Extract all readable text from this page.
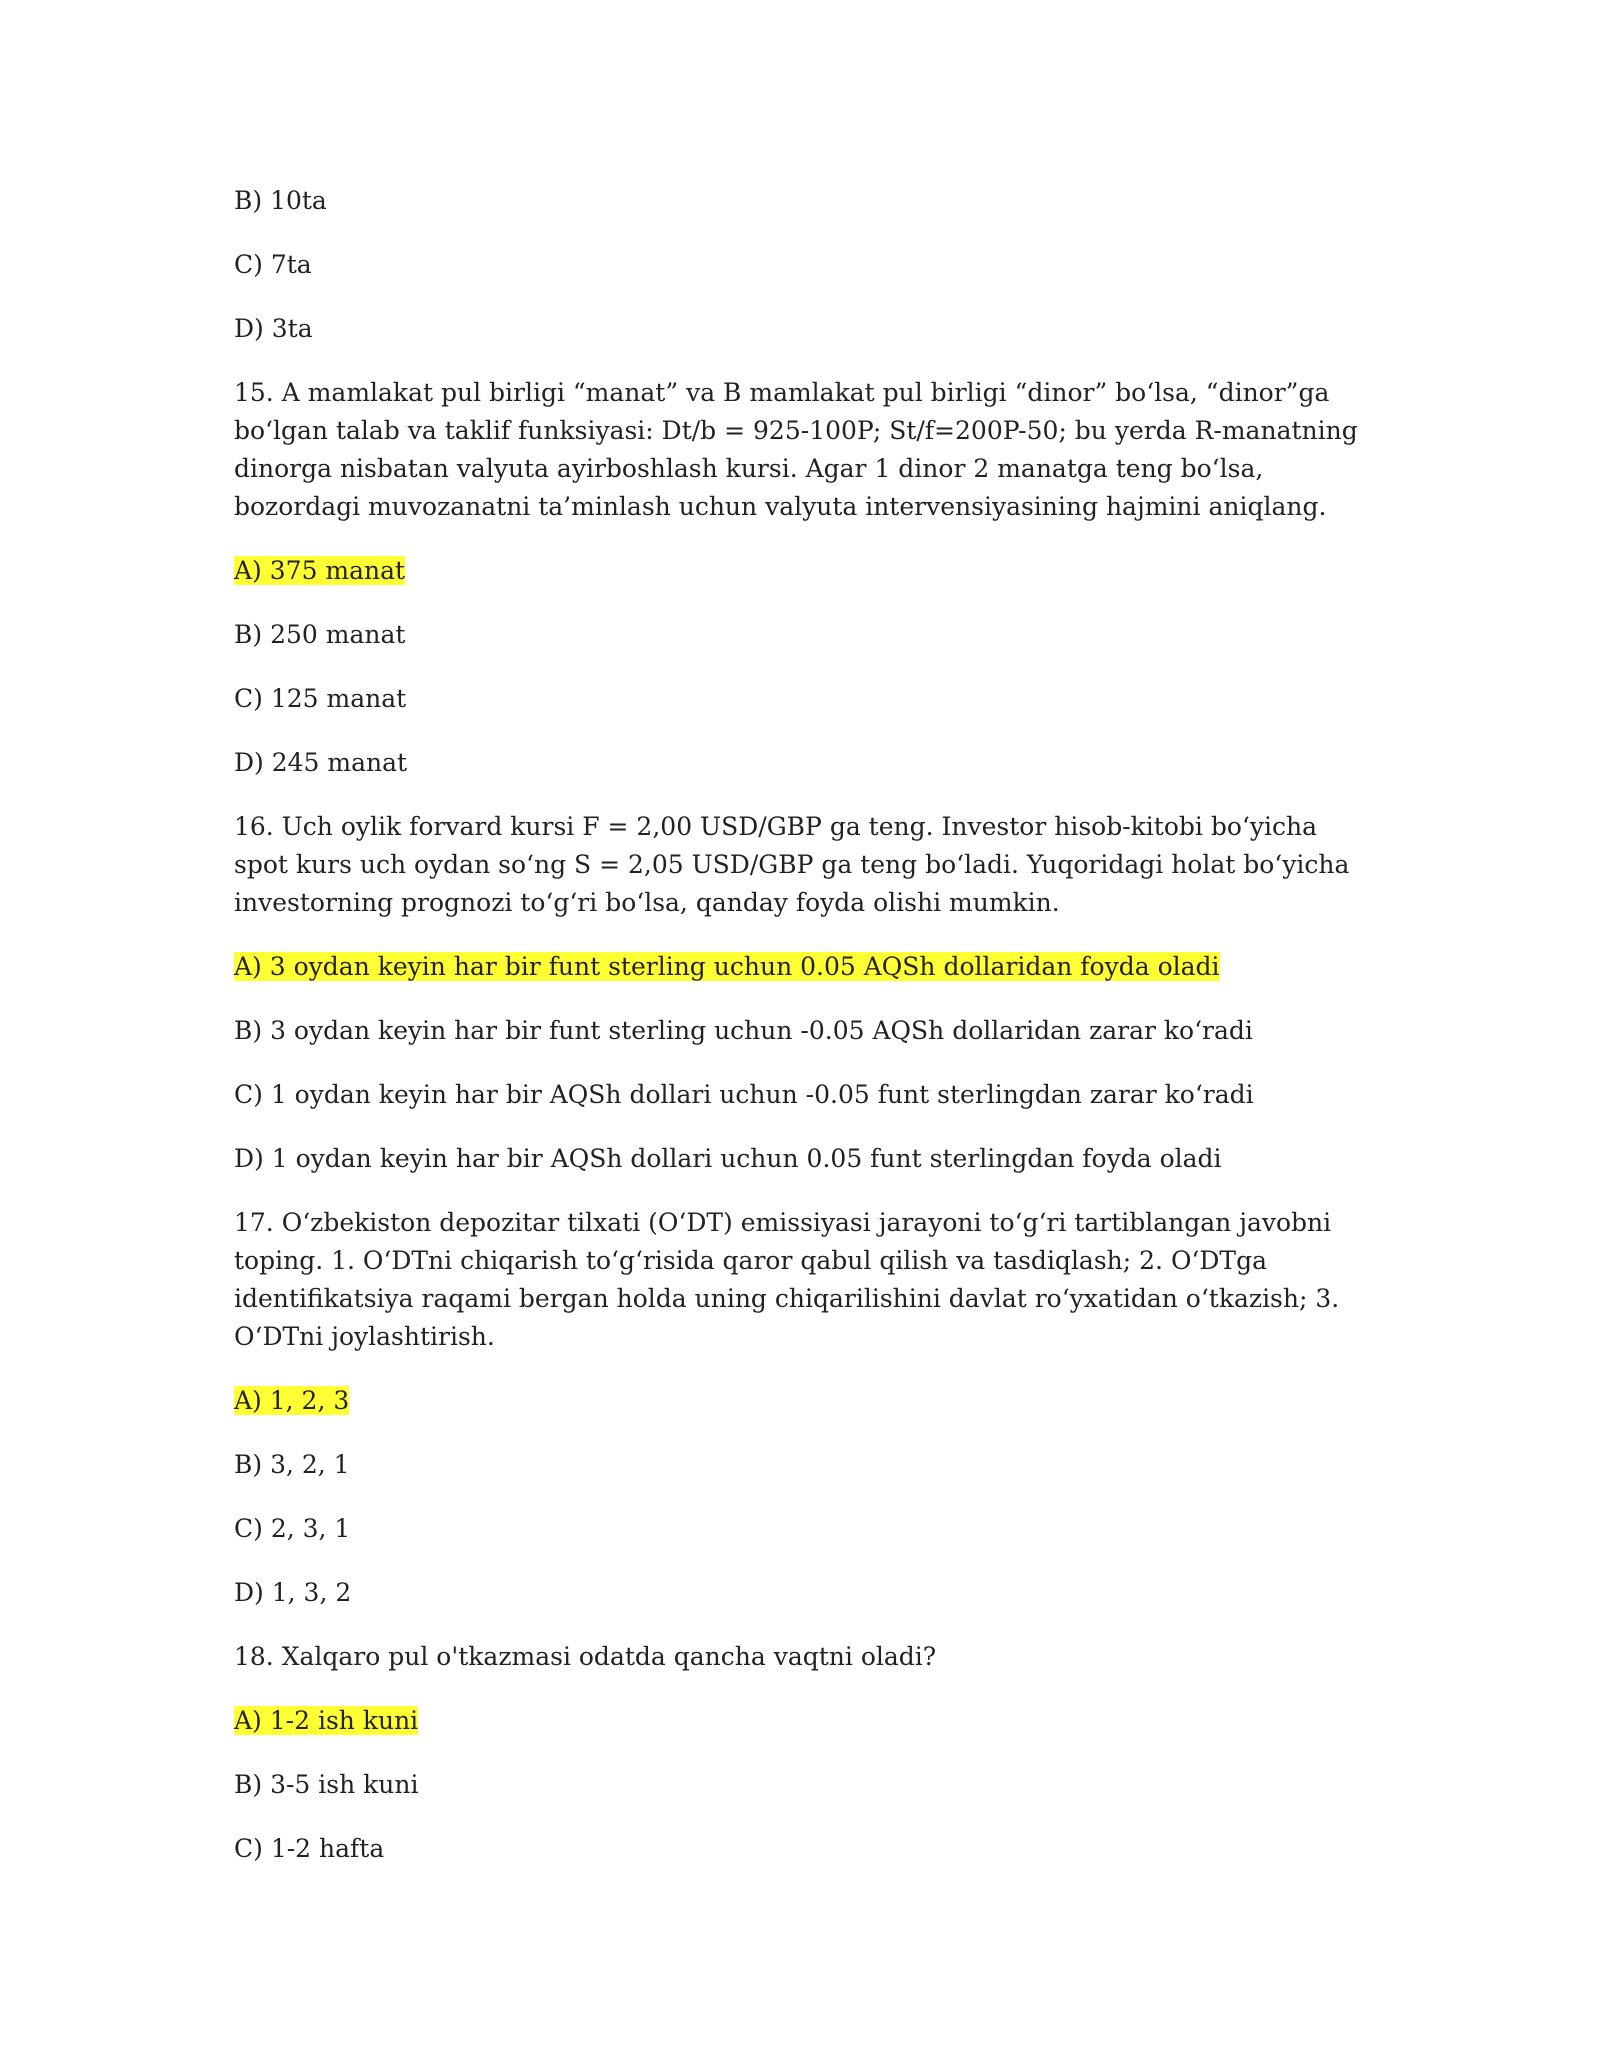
B) 10ta
C) 7ta
D) 3ta

15. A mamlakat pul birligi “manat” va B mamlakat pul birligi “dinor” bo‘lsa, “dinor”ga bo‘lgan talab va taklif funksiyasi: Dt/b = 925-100P; St/f=200P-50; bu yerda R-manatning dinorga nisbatan valyuta ayirboshlash kursi. Agar 1 dinor 2 manatga teng bo‘lsa, bozordagi muvozanatni ta’minlash uchun valyuta intervensiyasining hajmini aniqlang.

A) 375 manat
B) 250 manat
C) 125 manat
D) 245 manat

16. Uch oylik forvard kursi F = 2,00 USD/GBP ga teng. Investor hisob-kitobi bo‘yicha spot kurs uch oydan so‘ng S = 2,05 USD/GBP ga teng bo‘ladi. Yuqoridagi holat bo‘yicha investorning prognozi to‘g‘ri bo‘lsa, qanday foyda olishi mumkin.

A) 3 oydan keyin har bir funt sterling uchun 0.05 AQSh dollaridan foyda oladi
B) 3 oydan keyin har bir funt sterling uchun -0.05 AQSh dollaridan zarar ko‘radi
C) 1 oydan keyin har bir AQSh dollari uchun -0.05 funt sterlingdan zarar ko‘radi
D) 1 oydan keyin har bir AQSh dollari uchun 0.05 funt sterlingdan foyda oladi

17. O‘zbekiston depozitar tilxati (O‘DT) emissiyasi jarayoni to‘g‘ri tartiblangan javobni toping. 1. O‘DTni chiqarish to‘g‘risida qaror qabul qilish va tasdiqlash; 2. O‘DTga identifikatsiya raqami bergan holda uning chiqarilishini davlat ro‘yxatidan o‘tkazish; 3. O‘DTni joylashtirish.

A) 1, 2, 3
B) 3, 2, 1
C) 2, 3, 1
D) 1, 3, 2

18. Xalqaro pul o'tkazmasi odatda qancha vaqtni oladi?

A) 1-2 ish kuni
B) 3-5 ish kuni
C) 1-2 hafta
